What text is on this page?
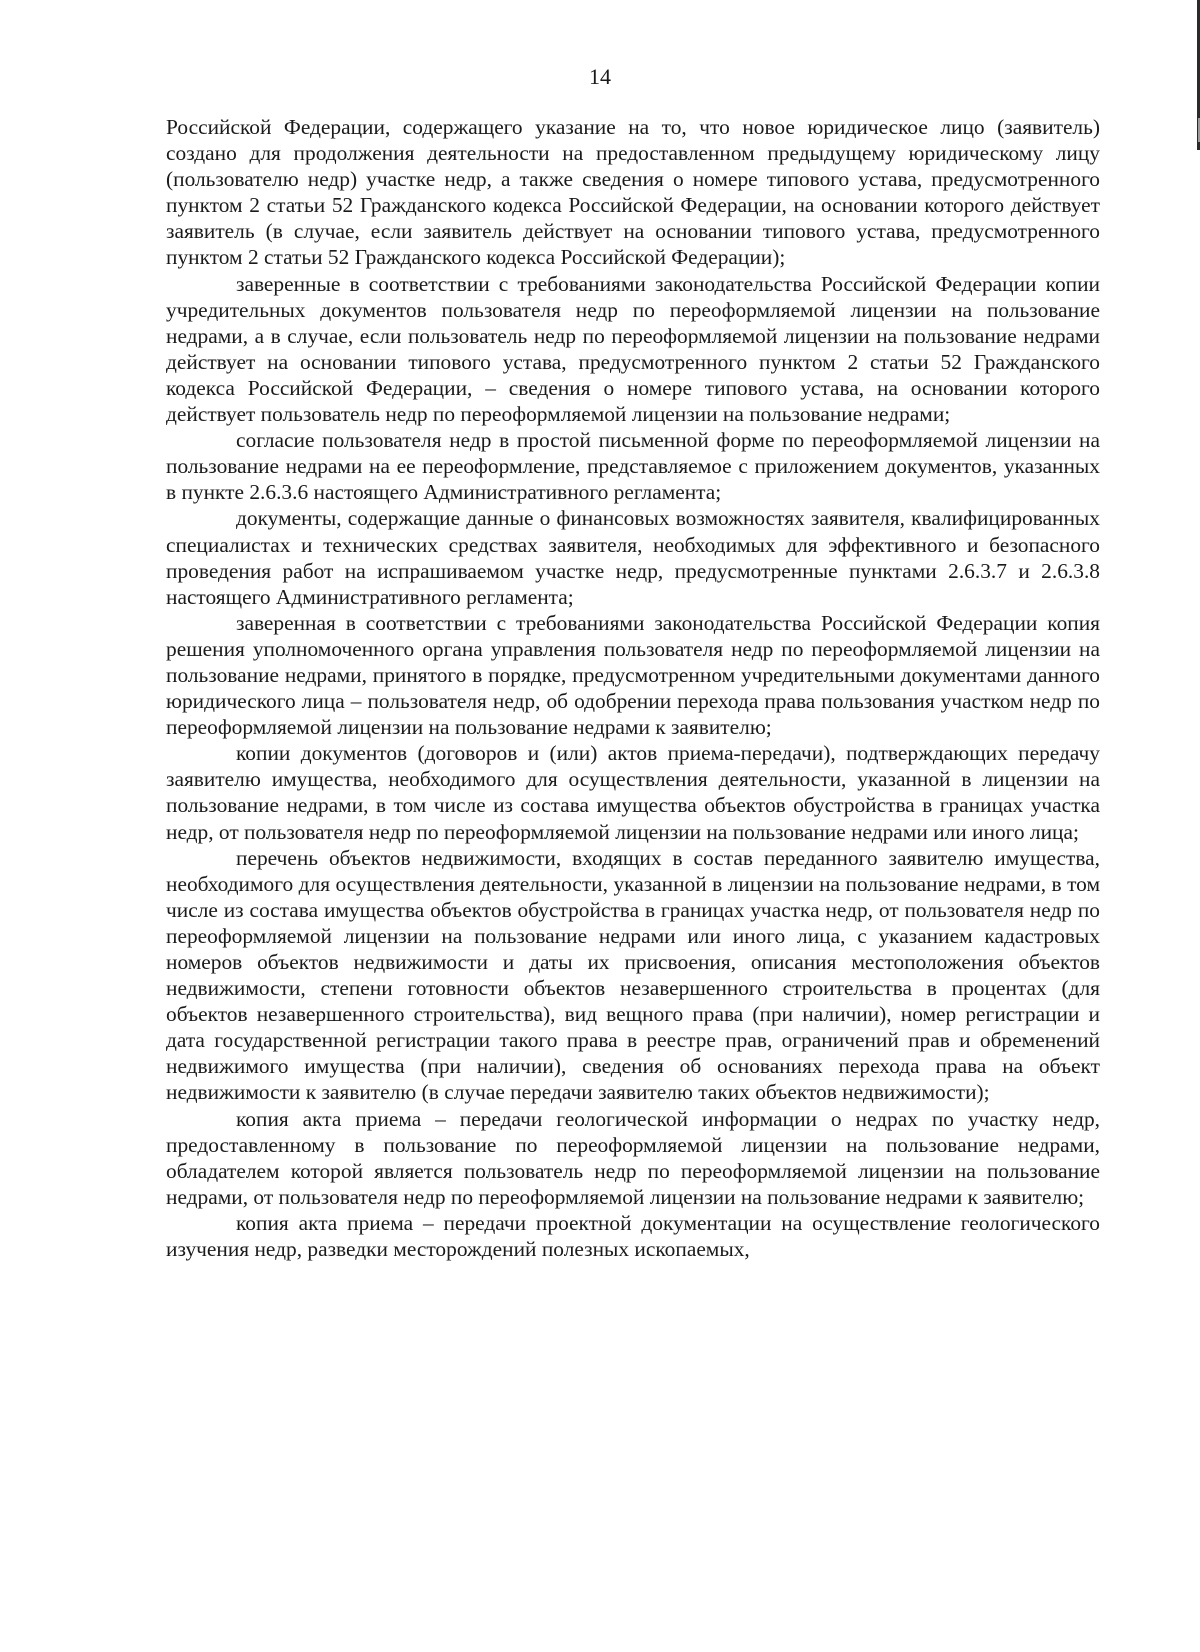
14

Российской Федерации, содержащего указание на то, что новое юридическое лицо (заявитель) создано для продолжения деятельности на предоставленном предыдущему юридическому лицу (пользователю недр) участке недр, а также сведения о номере типового устава, предусмотренного пунктом 2 статьи 52 Гражданского кодекса Российской Федерации, на основании которого действует заявитель (в случае, если заявитель действует на основании типового устава, предусмотренного пунктом 2 статьи 52 Гражданского кодекса Российской Федерации);

заверенные в соответствии с требованиями законодательства Российской Федерации копии учредительных документов пользователя недр по переоформляемой лицензии на пользование недрами, а в случае, если пользователь недр по переоформляемой лицензии на пользование недрами действует на основании типового устава, предусмотренного пунктом 2 статьи 52 Гражданского кодекса Российской Федерации, – сведения о номере типового устава, на основании которого действует пользователь недр по переоформляемой лицензии на пользование недрами;

согласие пользователя недр в простой письменной форме по переоформляемой лицензии на пользование недрами на ее переоформление, представляемое с приложением документов, указанных в пункте 2.6.3.6 настоящего Административного регламента;

документы, содержащие данные о финансовых возможностях заявителя, квалифицированных специалистах и технических средствах заявителя, необходимых для эффективного и безопасного проведения работ на испрашиваемом участке недр, предусмотренные пунктами 2.6.3.7 и 2.6.3.8 настоящего Административного регламента;

заверенная в соответствии с требованиями законодательства Российской Федерации копия решения уполномоченного органа управления пользователя недр по переоформляемой лицензии на пользование недрами, принятого в порядке, предусмотренном учредительными документами данного юридического лица – пользователя недр, об одобрении перехода права пользования участком недр по переоформляемой лицензии на пользование недрами к заявителю;

копии документов (договоров и (или) актов приема-передачи), подтверждающих передачу заявителю имущества, необходимого для осуществления деятельности, указанной в лицензии на пользование недрами, в том числе из состава имущества объектов обустройства в границах участка недр, от пользователя недр по переоформляемой лицензии на пользование недрами или иного лица;

перечень объектов недвижимости, входящих в состав переданного заявителю имущества, необходимого для осуществления деятельности, указанной в лицензии на пользование недрами, в том числе из состава имущества объектов обустройства в границах участка недр, от пользователя недр по переоформляемой лицензии на пользование недрами или иного лица, с указанием кадастровых номеров объектов недвижимости и даты их присвоения, описания местоположения объектов недвижимости, степени готовности объектов незавершенного строительства в процентах (для объектов незавершенного строительства), вид вещного права (при наличии), номер регистрации и дата государственной регистрации такого права в реестре прав, ограничений прав и обременений недвижимого имущества (при наличии), сведения об основаниях перехода права на объект недвижимости к заявителю (в случае передачи заявителю таких объектов недвижимости);

копия акта приема – передачи геологической информации о недрах по участку недр, предоставленному в пользование по переоформляемой лицензии на пользование недрами, обладателем которой является пользователь недр по переоформляемой лицензии на пользование недрами, от пользователя недр по переоформляемой лицензии на пользование недрами к заявителю;

копия акта приема – передачи проектной документации на осуществление геологического изучения недр, разведки месторождений полезных ископаемых,
